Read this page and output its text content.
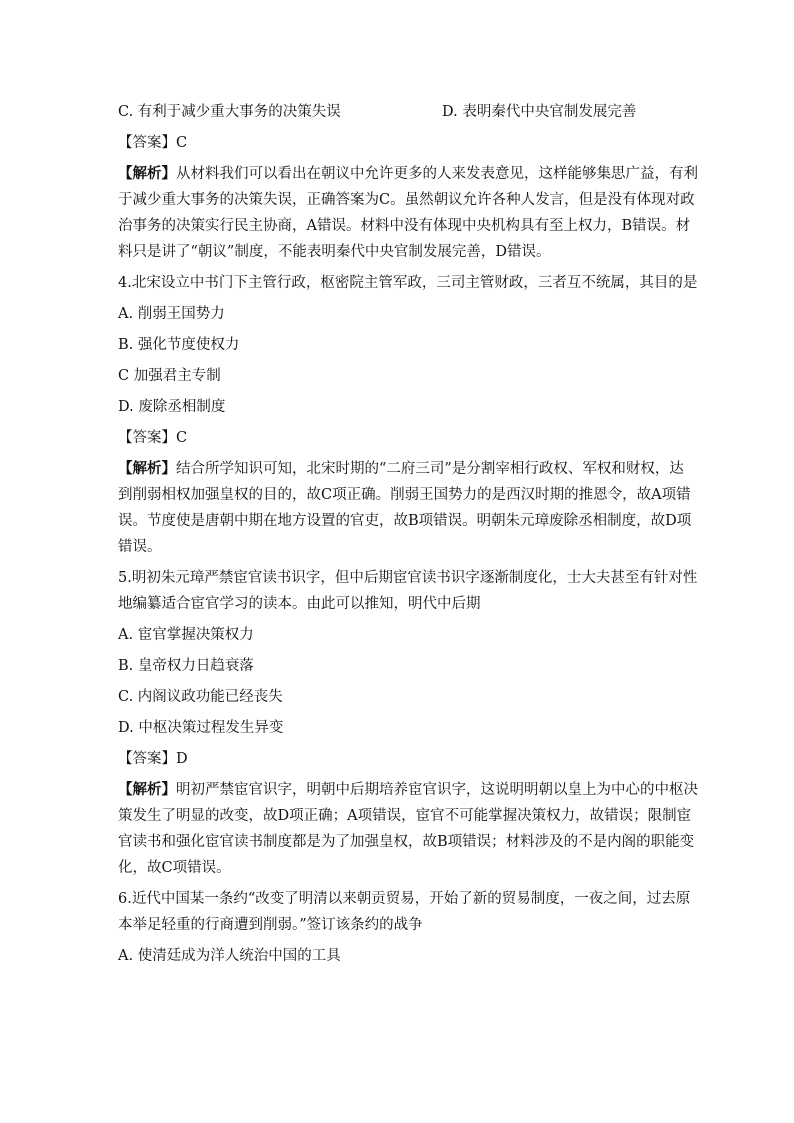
C. 有利于减少重大事务的决策失误	D. 表明秦代中央官制发展完善
【答案】C
【解析】从材料我们可以看出在朝议中允许更多的人来发表意见，这样能够集思广益，有利
于减少重大事务的决策失误，正确答案为C。虽然朝议允许各种人发言，但是没有体现对政
治事务的决策实行民主协商，A错误。材料中没有体现中央机构具有至上权力，B错误。材
料只是讲了“朝议”制度，不能表明秦代中央官制发展完善，D错误。
4.北宋设立中书门下主管行政，枢密院主管军政，三司主管财政，三者互不统属，其目的是
A. 削弱王国势力
B. 强化节度使权力
C 加强君主专制
D. 废除丞相制度
【答案】C
【解析】结合所学知识可知，北宋时期的“二府三司”是分割宰相行政权、军权和财权，达
到削弱相权加强皇权的目的，故C项正确。削弱王国势力的是西汉时期的推恩令，故A项错
误。节度使是唐朝中期在地方设置的官吏，故B项错误。明朝朱元璋废除丞相制度，故D项
错误。
5.明初朱元璋严禁宦官读书识字，但中后期宦官读书识字逐渐制度化，士大夫甚至有针对性
地编纂适合宦官学习的读本。由此可以推知，明代中后期
A. 宦官掌握决策权力
B. 皇帝权力日趋衰落
C. 内阁议政功能已经丧失
D. 中枢决策过程发生异变
【答案】D
【解析】明初严禁宦官识字，明朝中后期培养宦官识字，这说明明朝以皇上为中心的中枢决
策发生了明显的改变，故D项正确；A项错误，宦官不可能掌握决策权力，故错误；限制宦
官读书和强化宦官读书制度都是为了加强皇权，故B项错误；材料涉及的不是内阁的职能变
化，故C项错误。
6.近代中国某一条约“改变了明清以来朝贡贸易，开始了新的贸易制度，一夜之间，过去原
本举足轻重的行商遭到削弱。”签订该条约的战争
A. 使清廷成为洋人统治中国的工具
